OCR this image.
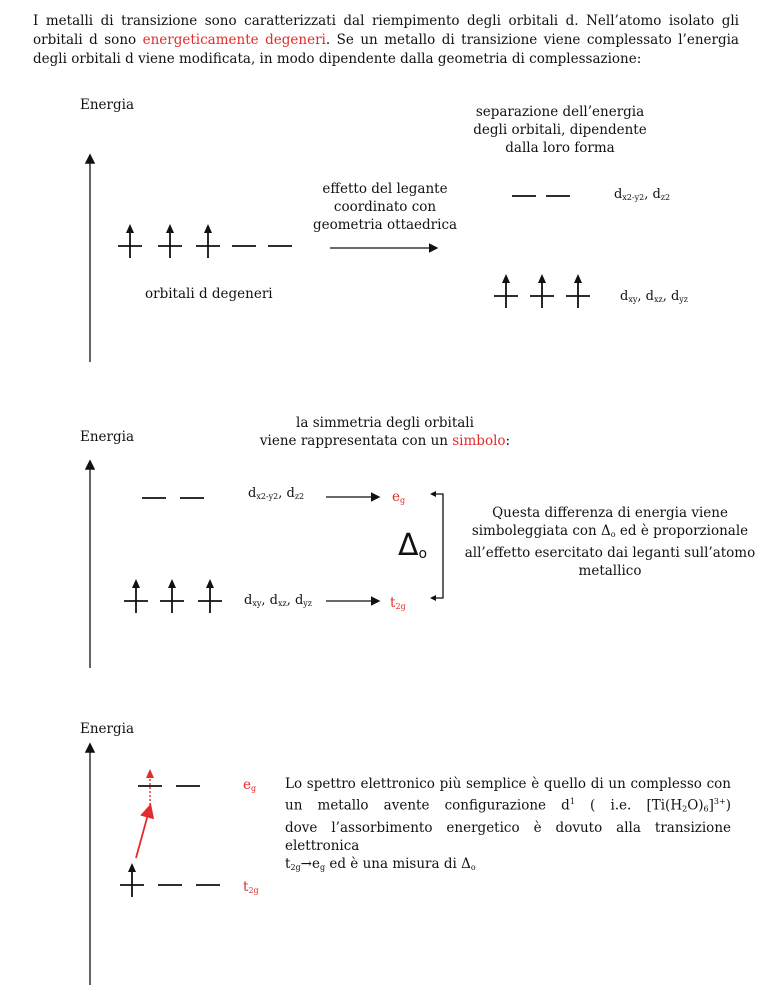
I metalli di transizione sono caratterizzati dal riempimento degli orbitali d. Nell’atomo isolato gli orbitali d sono energeticamente degeneri. Se un metallo di transizione viene complessato l’energia degli orbitali d viene modificata, in modo dipendente dalla geometria di complessazione:
Energia	separazione dell’energia
degli orbitali, dipendente
dalla loro forma
effetto del legante
coordinato con
geometria ottaedrica
orbitali d degeneri
$d_{x2-y2}$, $d_{z2}$
$d_{xy}$, $d_{xz}$, $d_{yz}$
Energia
la simmetria degli orbitali
viene rappresentata con un simbolo:
$d_{x2-y2}$, $d_{z2}$
$d_{xy}$, $d_{xz}$, $d_{yz}$
$e_g$
$t_{2g}$
$\Delta_o$
Questa differenza di energia viene
simboleggiata con $\Delta_o$ ed è proporzionale
all’effetto esercitato dai leganti sull’atomo
metallico
Energia
$e_g$
$t_{2g}$
Lo spettro elettronico più semplice è quello di un complesso con
un metallo avente configurazione $d^1$ ( i.e. $[Ti(H_2O)_6]^{3+}$)
dove l’assorbimento energetico è dovuto alla transizione elettronica
$t_{2g}\to e_g$ ed è una misura di $\Delta_o$
